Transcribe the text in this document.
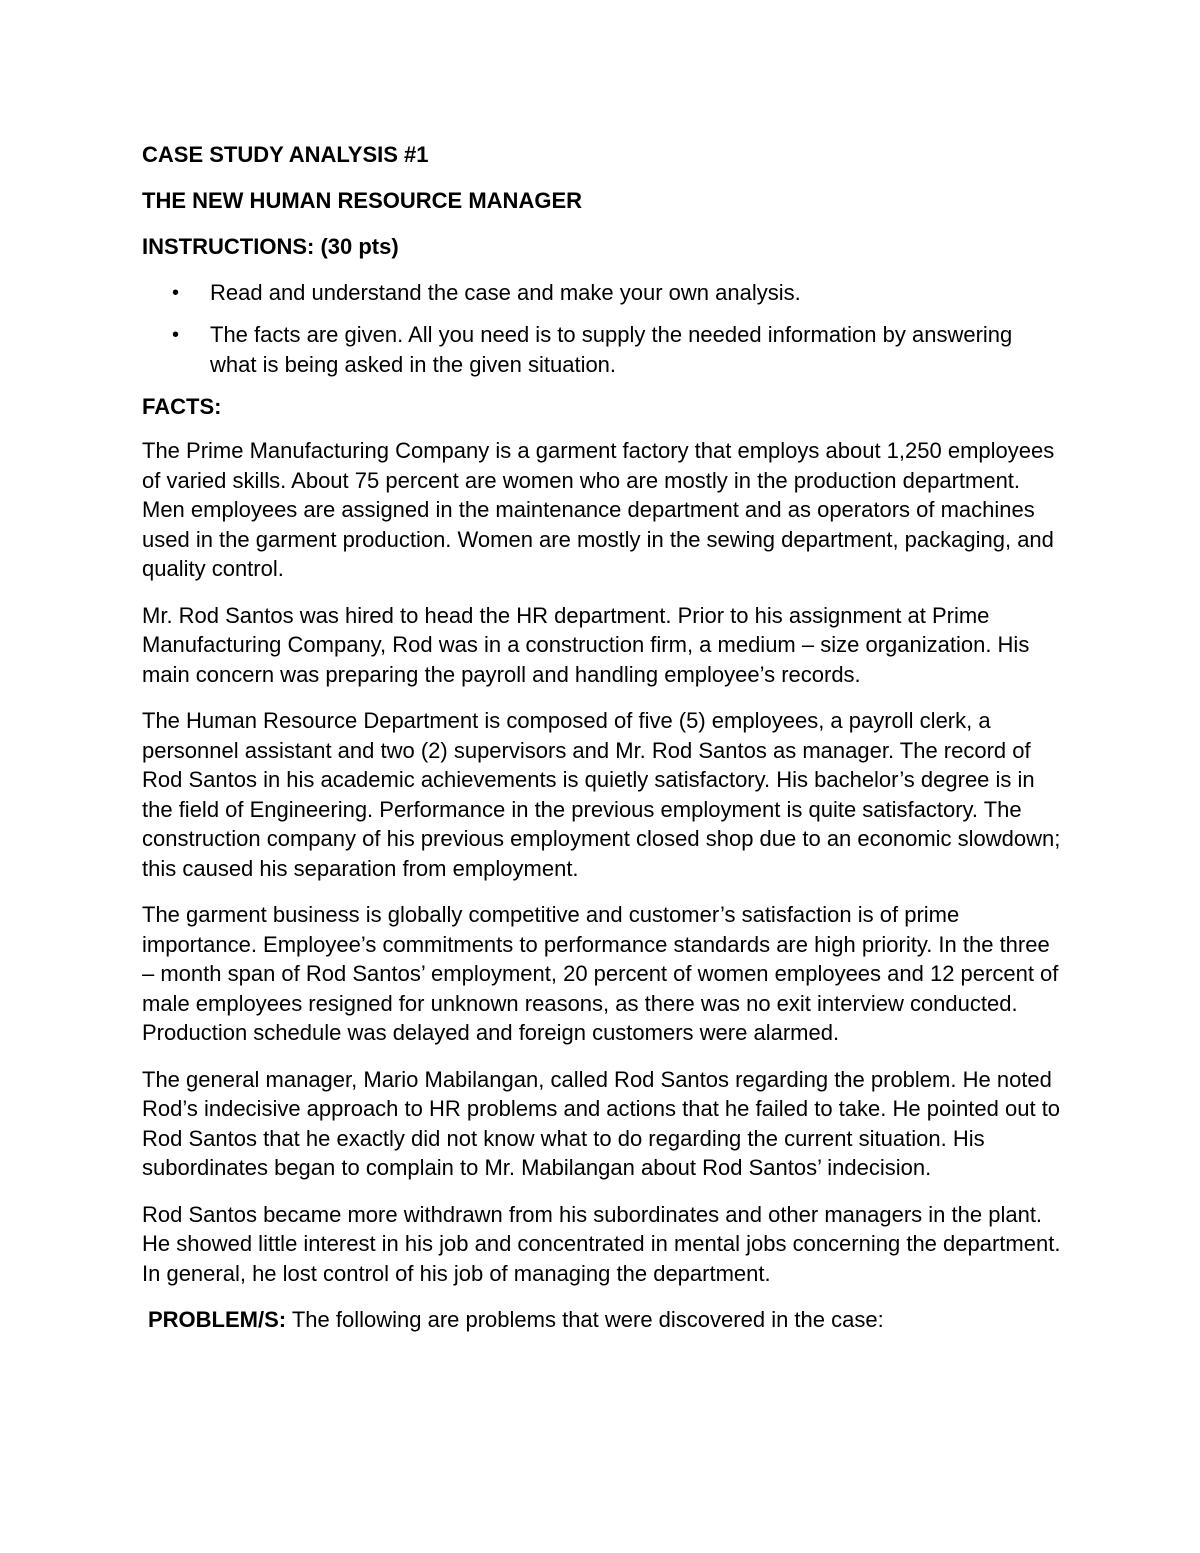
CASE STUDY ANALYSIS #1
THE NEW HUMAN RESOURCE MANAGER
INSTRUCTIONS: (30 pts)
• Read and understand the case and make your own analysis.
• The facts are given. All you need is to supply the needed information by answering what is being asked in the given situation.
FACTS:

The Prime Manufacturing Company is a garment factory that employs about 1,250 employees of varied skills. About 75 percent are women who are mostly in the production department. Men employees are assigned in the maintenance department and as operators of machines used in the garment production. Women are mostly in the sewing department, packaging, and quality control.

Mr. Rod Santos was hired to head the HR department. Prior to his assignment at Prime Manufacturing Company, Rod was in a construction firm, a medium – size organization. His main concern was preparing the payroll and handling employee’s records.

The Human Resource Department is composed of five (5) employees, a payroll clerk, a personnel assistant and two (2) supervisors and Mr. Rod Santos as manager. The record of Rod Santos in his academic achievements is quietly satisfactory. His bachelor’s degree is in the field of Engineering. Performance in the previous employment is quite satisfactory. The construction company of his previous employment closed shop due to an economic slowdown; this caused his separation from employment.

The garment business is globally competitive and customer’s satisfaction is of prime importance. Employee’s commitments to performance standards are high priority. In the three – month span of Rod Santos’ employment, 20 percent of women employees and 12 percent of male employees resigned for unknown reasons, as there was no exit interview conducted. Production schedule was delayed and foreign customers were alarmed.

The general manager, Mario Mabilangan, called Rod Santos regarding the problem. He noted Rod’s indecisive approach to HR problems and actions that he failed to take. He pointed out to Rod Santos that he exactly did not know what to do regarding the current situation. His subordinates began to complain to Mr. Mabilangan about Rod Santos’ indecision.

Rod Santos became more withdrawn from his subordinates and other managers in the plant. He showed little interest in his job and concentrated in mental jobs concerning the department. In general, he lost control of his job of managing the department.

PROBLEM/S: The following are problems that were discovered in the case:
